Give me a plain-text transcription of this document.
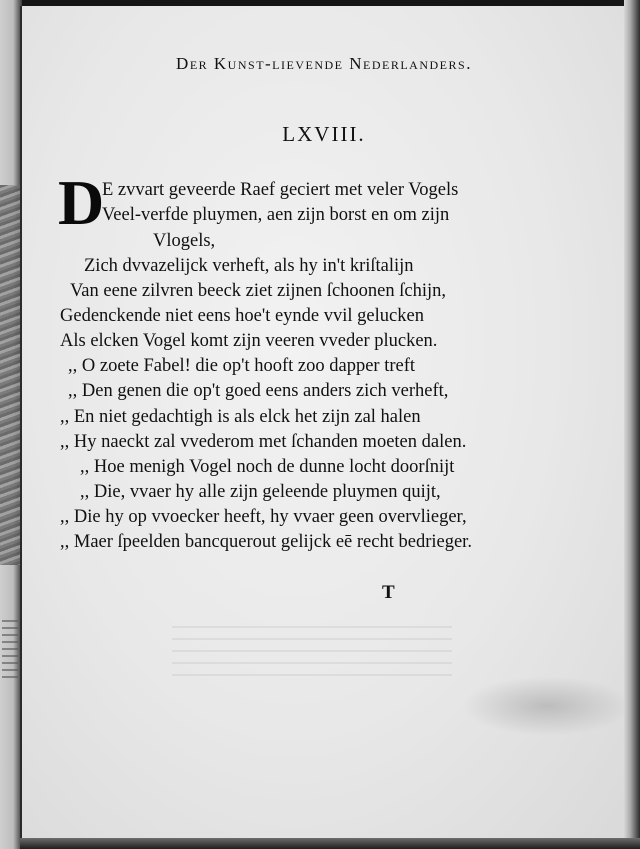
Der Kunst-lievende Nederlanders.
LXVIII.
D
E zvvart geveerde Raef geciert met veler Vogels
Veel-verfde pluymen, aen zijn borst en om zijn
Vlogels,
Zich dvvazelijck verheft, als hy in't kriſtalijn
Van eene zilvren beeck ziet zijnen ſchoonen ſchijn,
Gedenckende niet eens hoe't eynde vvil gelucken
Als elcken Vogel komt zijn veeren vveder plucken.
,, O zoete Fabel! die op't hooft zoo dapper treft
,, Den genen die op't goed eens anders zich verheft,
,, En niet gedachtigh is als elck het zijn zal halen
,, Hy naeckt zal vvederom met ſchanden moeten dalen.
,, Hoe menigh Vogel noch de dunne locht doorſnijt
,, Die, vvaer hy alle zijn geleende pluymen quijt,
,, Die hy op vvoecker heeft, hy vvaer geen overvlieger,
,, Maer ſpeelden bancquerout gelijck eē recht bedrieger.
T
